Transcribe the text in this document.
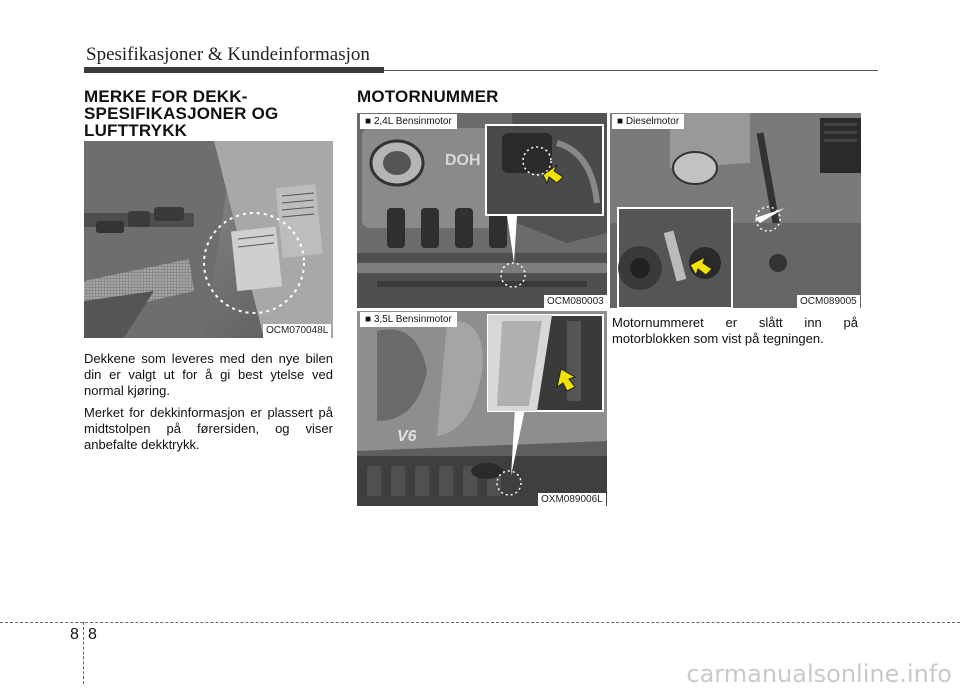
Spesifikasjoner & Kundeinformasjon
MERKE FOR DEKK-
SPESIFIKASJONER OG
LUFTTRYKK
OCM070048L

Dekkene som leveres med den nye bilen din er valgt ut for å gi best ytelse ved normal kjøring.

Merket for dekkinformasjon er plassert på midtstolpen på førersiden, og viser anbefalte dekktrykk.

MOTORNUMMER
DOH
■ 2,4L Bensinmotor
OCM080003
■ Dieselmotor
OCM089005
V6
■ 3,5L Bensinmotor
OXM089006L

Motornummeret er slått inn på motorblokken som vist på tegningen.

8 8
carmanualsonline.info
